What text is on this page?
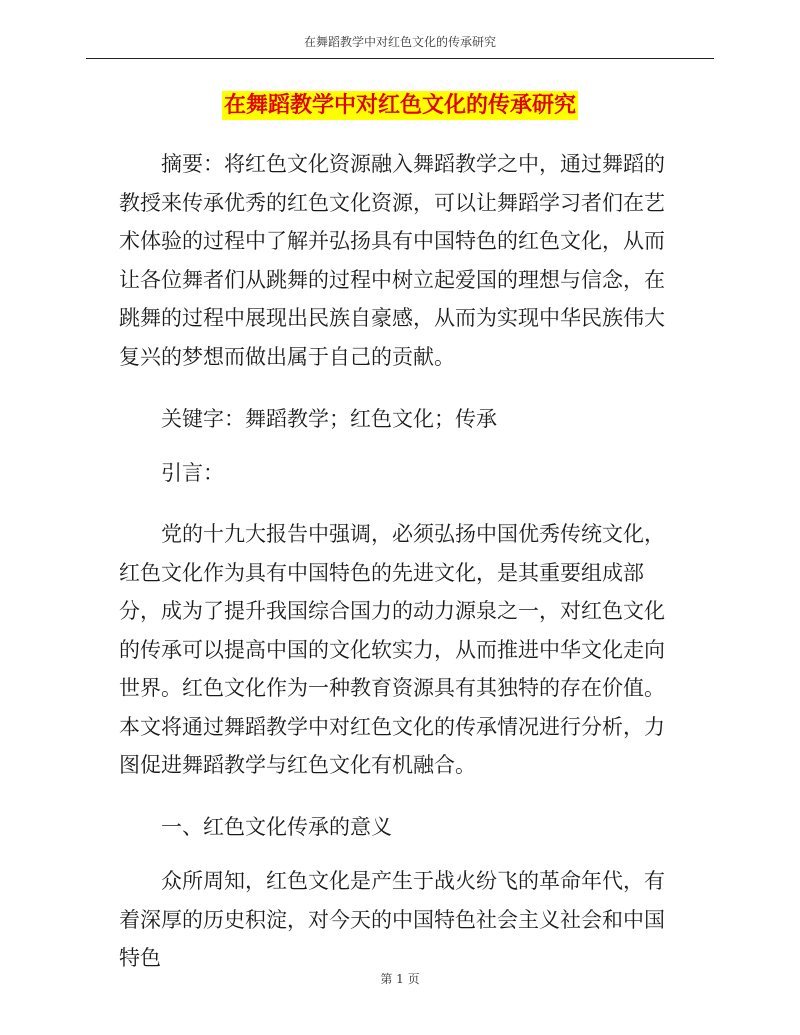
在舞蹈教学中对红色文化的传承研究
在舞蹈教学中对红色文化的传承研究

摘要：将红色文化资源融入舞蹈教学之中，通过舞蹈的教授来传承优秀的红色文化资源，可以让舞蹈学习者们在艺术体验的过程中了解并弘扬具有中国特色的红色文化，从而让各位舞者们从跳舞的过程中树立起爱国的理想与信念，在跳舞的过程中展现出民族自豪感，从而为实现中华民族伟大复兴的梦想而做出属于自己的贡献。

关键字：舞蹈教学；红色文化；传承

引言：

党的十九大报告中强调，必须弘扬中国优秀传统文化，红色文化作为具有中国特色的先进文化，是其重要组成部分，成为了提升我国综合国力的动力源泉之一，对红色文化的传承可以提高中国的文化软实力，从而推进中华文化走向世界。红色文化作为一种教育资源具有其独特的存在价值。本文将通过舞蹈教学中对红色文化的传承情况进行分析，力图促进舞蹈教学与红色文化有机融合。

一、红色文化传承的意义

众所周知，红色文化是产生于战火纷飞的革命年代，有着深厚的历史积淀，对今天的中国特色社会主义社会和中国特色

第 1 页
